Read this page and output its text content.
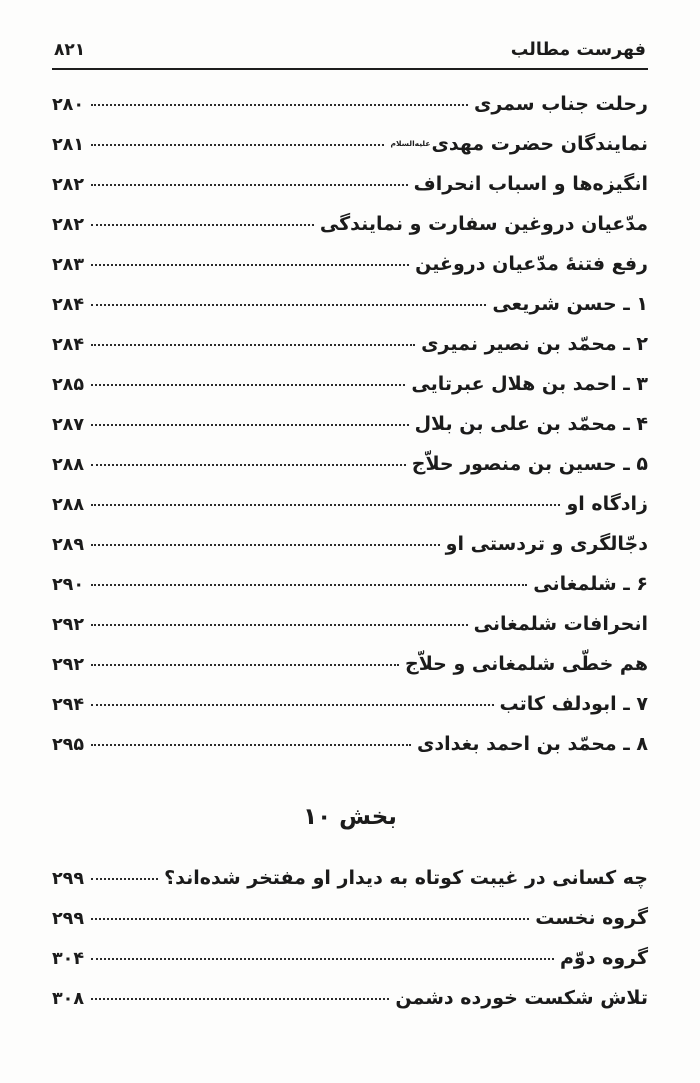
فهرست مطالب
۸۲۱
رحلت جناب سمری
۲۸۰
نمایندگان حضرت مهدی
علیه‌السلام
۲۸۱
انگیزه‌ها و اسباب انحراف
۲۸۲
مدّعیان دروغین سفارت و نمایندگی
۲۸۲
رفع فتنهٔ مدّعیان دروغین
۲۸۳
۱ ـ حسن شریعی
۲۸۴
۲ ـ محمّد بن نصیر نمیری
۲۸۴
۳ ـ احمد بن هلال عبرتایی
۲۸۵
۴ ـ محمّد بن علی بن بلال
۲۸۷
۵ ـ حسین بن منصور حلاّج
۲۸۸
زادگاه او
۲۸۸
دجّالگری و تردستی او
۲۸۹
۶ ـ شلمغانی
۲۹۰
انحرافات شلمغانی
۲۹۲
هم خطّی شلمغانی و حلاّج
۲۹۲
۷ ـ ابودلف کاتب
۲۹۴
۸ ـ محمّد بن احمد بغدادی
۲۹۵
بخش ۱۰
چه کسانی در غیبت کوتاه به دیدار او مفتخر شده‌اند؟
۲۹۹
گروه نخست
۲۹۹
گروه دوّم
۳۰۴
تلاش شکست خورده دشمن
۳۰۸
